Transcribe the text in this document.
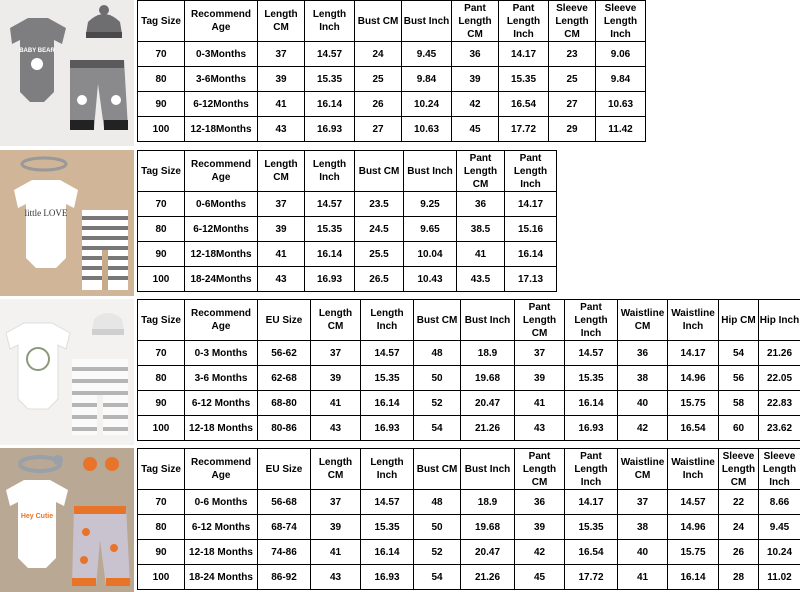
BABY BEAR
Tag Size	Recommend Age	Length CM	Length Inch	Bust CM	Bust Inch	Pant Length CM	Pant Length Inch	Sleeve Length CM	Sleeve Length Inch
70	0-3Months	37	14.57	24	9.45	36	14.17	23	9.06
80	3-6Months	39	15.35	25	9.84	39	15.35	25	9.84
90	6-12Months	41	16.14	26	10.24	42	16.54	27	10.63
100	12-18Months	43	16.93	27	10.63	45	17.72	29	11.42
little LOVE
Tag Size	Recommend Age	Length CM	Length Inch	Bust CM	Bust Inch	Pant Length CM	Pant Length Inch
70	0-6Months	37	14.57	23.5	9.25	36	14.17
80	6-12Months	39	15.35	24.5	9.65	38.5	15.16
90	12-18Months	41	16.14	25.5	10.04	41	16.14
100	18-24Months	43	16.93	26.5	10.43	43.5	17.13
Tag Size	Recommend Age	EU Size	Length CM	Length Inch	Bust CM	Bust Inch	Pant Length CM	Pant Length Inch	Waistline CM	Waistline Inch	Hip CM	Hip Inch
70	0-3 Months	56-62	37	14.57	48	18.9	37	14.57	36	14.17	54	21.26
80	3-6 Months	62-68	39	15.35	50	19.68	39	15.35	38	14.96	56	22.05
90	6-12 Months	68-80	41	16.14	52	20.47	41	16.14	40	15.75	58	22.83
100	12-18 Months	80-86	43	16.93	54	21.26	43	16.93	42	16.54	60	23.62
Hey Cutie
Tag Size	Recommend Age	EU Size	Length CM	Length Inch	Bust CM	Bust Inch	Pant Length CM	Pant Length Inch	Waistline CM	Waistline Inch	Sleeve Length CM	Sleeve Length Inch
70	0-6 Months	56-68	37	14.57	48	18.9	36	14.17	37	14.57	22	8.66
80	6-12 Months	68-74	39	15.35	50	19.68	39	15.35	38	14.96	24	9.45
90	12-18 Months	74-86	41	16.14	52	20.47	42	16.54	40	15.75	26	10.24
100	18-24 Months	86-92	43	16.93	54	21.26	45	17.72	41	16.14	28	11.02
